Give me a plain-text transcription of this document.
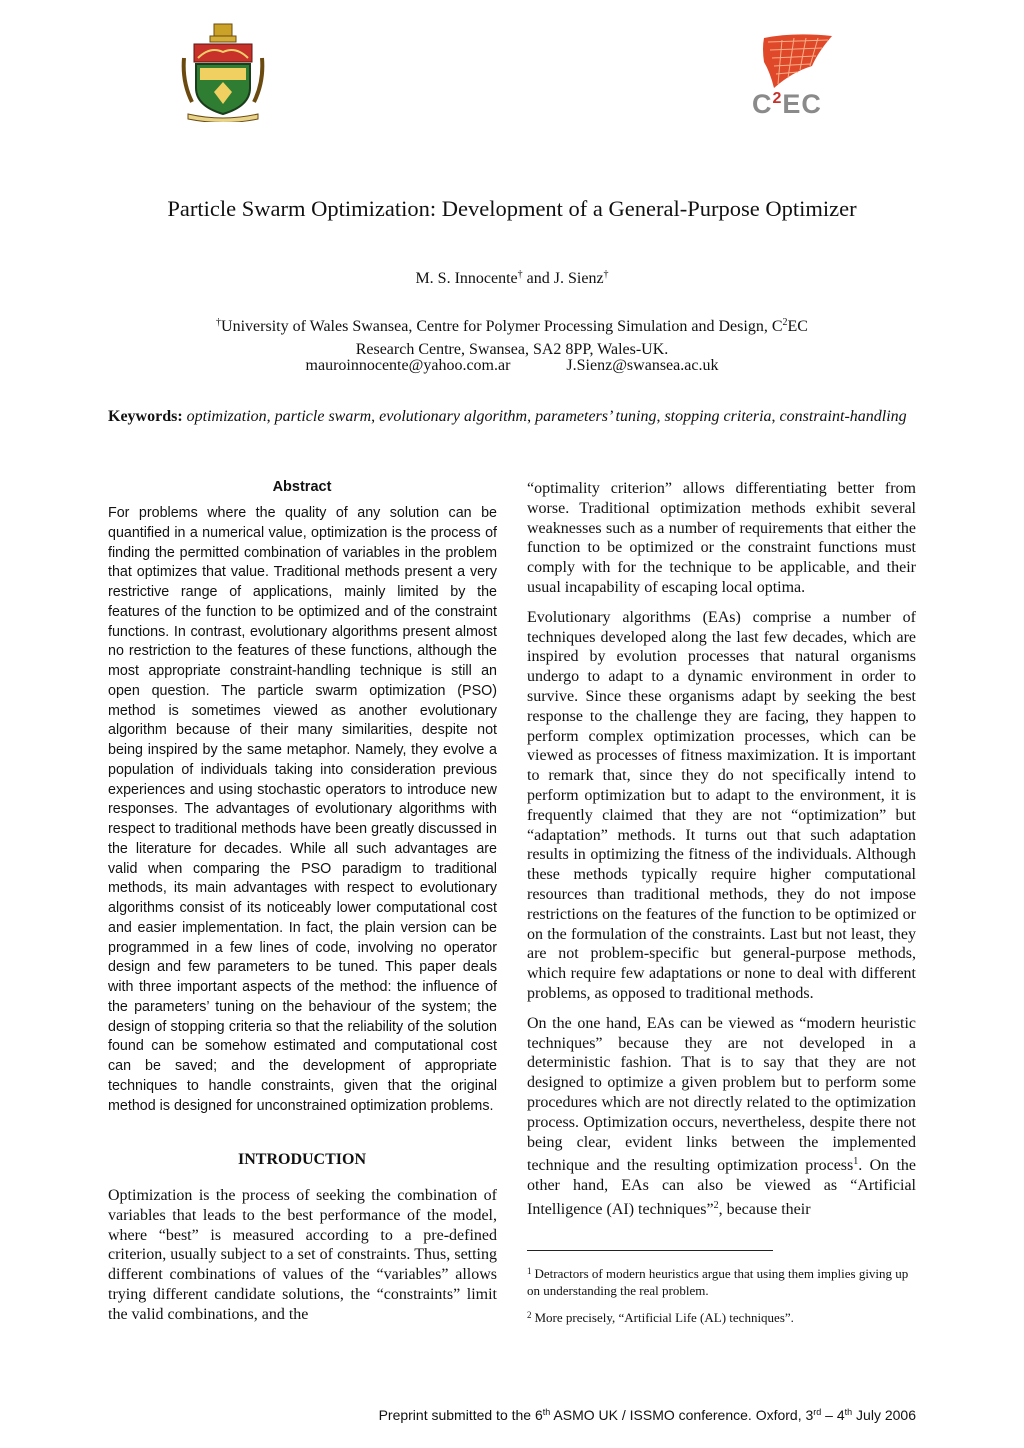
$C^2EC$
Particle Swarm Optimization: Development of a General-Purpose Optimizer
M. S. Innocente† and J. Sienz†
†University of Wales Swansea, Centre for Polymer Processing Simulation and Design, $C^2EC$
Research Centre, Swansea, SA2 8PP, Wales-UK.
mauroinnocente@yahoo.com.ar	J.Sienz@swansea.ac.uk
Keywords: optimization, particle swarm, evolutionary algorithm, parameters’ tuning, stopping criteria, constraint-handling
Abstract
For problems where the quality of any solution can be quantified in a numerical value, optimization is the process of finding the permitted combination of variables in the problem that optimizes that value. Traditional methods present a very restrictive range of applications, mainly limited by the features of the function to be optimized and of the constraint functions. In contrast, evolutionary algorithms present almost no restriction to the features of these functions, although the most appropriate constraint-handling technique is still an open question. The particle swarm optimization (PSO) method is sometimes viewed as another evolutionary algorithm because of their many similarities, despite not being inspired by the same metaphor. Namely, they evolve a population of individuals taking into consideration previous experiences and using stochastic operators to introduce new responses. The advantages of evolutionary algorithms with respect to traditional methods have been greatly discussed in the literature for decades. While all such advantages are valid when comparing the PSO paradigm to traditional methods, its main advantages with respect to evolutionary algorithms consist of its noticeably lower computational cost and easier implementation. In fact, the plain version can be programmed in a few lines of code, involving no operator design and few parameters to be tuned. This paper deals with three important aspects of the method: the influence of the parameters’ tuning on the behaviour of the system; the design of stopping criteria so that the reliability of the solution found can be somehow estimated and computational cost can be saved; and the development of appropriate techniques to handle constraints, given that the original method is designed for unconstrained optimization problems.
INTRODUCTION
Optimization is the process of seeking the combination of variables that leads to the best performance of the model, where “best” is measured according to a pre-defined criterion, usually subject to a set of constraints. Thus, setting different combinations of values of the “variables” allows trying different candidate solutions, the “constraints” limit the valid combinations, and the

“optimality criterion” allows differentiating better from worse. Traditional optimization methods exhibit several weaknesses such as a number of requirements that either the function to be optimized or the constraint functions must comply with for the technique to be applicable, and their usual incapability of escaping local optima.

Evolutionary algorithms (EAs) comprise a number of techniques developed along the last few decades, which are inspired by evolution processes that natural organisms undergo to adapt to a dynamic environment in order to survive. Since these organisms adapt by seeking the best response to the challenge they are facing, they happen to perform complex optimization processes, which can be viewed as processes of fitness maximization. It is important to remark that, since they do not specifically intend to perform optimization but to adapt to the environment, it is frequently claimed that they are not “optimization” but “adaptation” methods. It turns out that such adaptation results in optimizing the fitness of the individuals. Although these methods typically require higher computational resources than traditional methods, they do not impose restrictions on the features of the function to be optimized or on the formulation of the constraints. Last but not least, they are not problem-specific but general-purpose methods, which require few adaptations or none to deal with different problems, as opposed to traditional methods.

On the one hand, EAs can be viewed as “modern heuristic techniques” because they are not developed in a deterministic fashion. That is to say that they are not designed to optimize a given problem but to perform some procedures which are not directly related to the optimization process. Optimization occurs, nevertheless, despite there not being clear, evident links between the implemented technique and the resulting optimization process$^1$. On the other hand, EAs can also be viewed as “Artificial Intelligence (AI) techniques”$^2$, because their

$^1$ Detractors of modern heuristics argue that using them implies giving up on understanding the real problem.
$^2$ More precisely, “Artificial Life (AL) techniques”.
Preprint submitted to the 6th ASMO UK / ISSMO conference. Oxford, 3rd – 4th July 2006
